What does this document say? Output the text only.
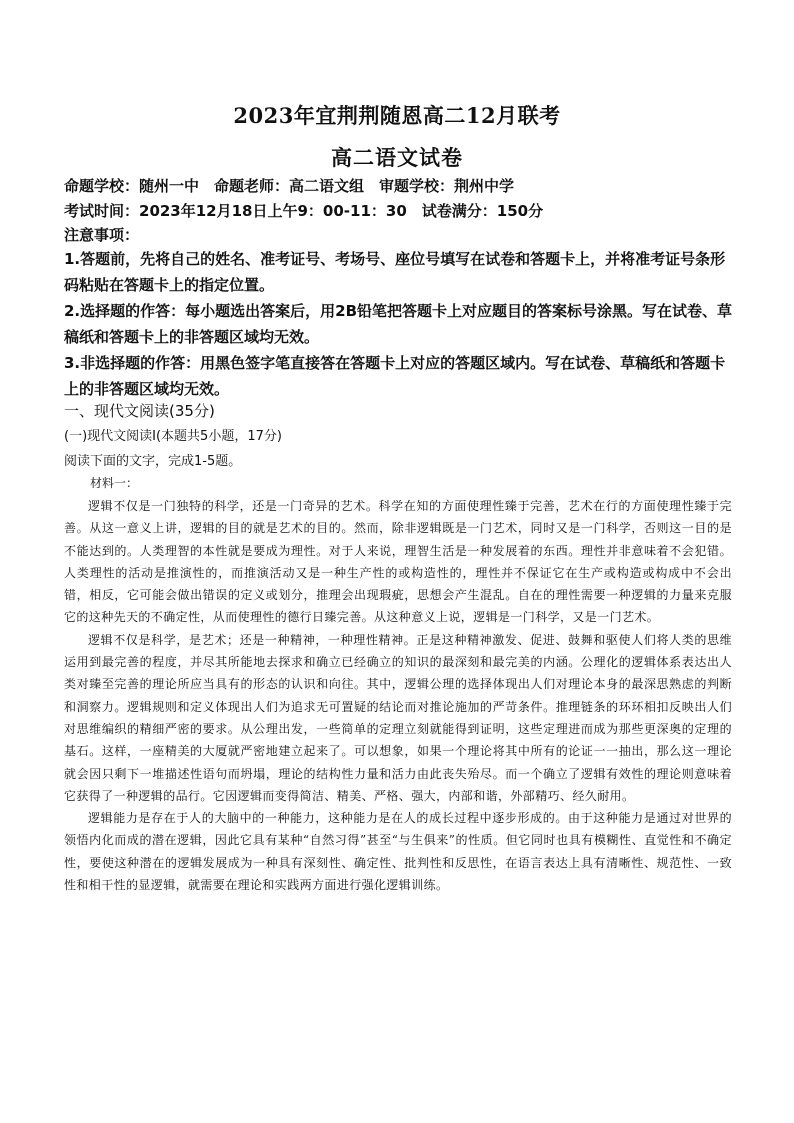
2023年宜荆荆随恩高二12月联考
高二语文试卷
命题学校：随州一中　命题老师：高二语文组　审题学校：荆州中学
考试时间：2023年12月18日上午9：00-11：30　试卷满分：150分
注意事项：

1.答题前，先将自己的姓名、准考证号、考场号、座位号填写在试卷和答题卡上，并将准考证号条形码粘贴在答题卡上的指定位置。

2.选择题的作答：每小题选出答案后，用2B铅笔把答题卡上对应题目的答案标号涂黑。写在试卷、草稿纸和答题卡上的非答题区域均无效。

3.非选择题的作答：用黑色签字笔直接答在答题卡上对应的答题区域内。写在试卷、草稿纸和答题卡上的非答题区域均无效。

一、现代文阅读(35分)
(一)现代文阅读Ⅰ(本题共5小题，17分)
阅读下面的文字，完成1-5题。
材料一：

逻辑不仅是一门独特的科学，还是一门奇异的艺术。科学在知的方面使理性臻于完善，艺术在行的方面使理性臻于完善。从这一意义上讲，逻辑的目的就是艺术的目的。然而，除非逻辑既是一门艺术，同时又是一门科学，否则这一目的是不能达到的。人类理智的本性就是要成为理性。对于人来说，理智生活是一种发展着的东西。理性并非意味着不会犯错。人类理性的活动是推演性的，而推演活动又是一种生产性的或构造性的，理性并不保证它在生产或构造或构成中不会出错，相反，它可能会做出错误的定义或划分，推理会出现瑕疵，思想会产生混乱。自在的理性需要一种逻辑的力量来克服它的这种先天的不确定性，从而使理性的德行日臻完善。从这种意义上说，逻辑是一门科学，又是一门艺术。

逻辑不仅是科学，是艺术；还是一种精神，一种理性精神。正是这种精神激发、促进、鼓舞和驱使人们将人类的思维运用到最完善的程度，并尽其所能地去探求和确立已经确立的知识的最深刻和最完美的内涵。公理化的逻辑体系表达出人类对臻至完善的理论所应当具有的形态的认识和向往。其中，逻辑公理的选择体现出人们对理论本身的最深思熟虑的判断和洞察力。逻辑规则和定义体现出人们为追求无可置疑的结论而对推论施加的严苛条件。推理链条的环环相扣反映出人们对思维编织的精细严密的要求。从公理出发，一些简单的定理立刻就能得到证明，这些定理进而成为那些更深奥的定理的基石。这样，一座精美的大厦就严密地建立起来了。可以想象，如果一个理论将其中所有的论证一一抽出，那么这一理论就会因只剩下一堆描述性语句而坍塌，理论的结构性力量和活力由此丧失殆尽。而一个确立了逻辑有效性的理论则意味着它获得了一种逻辑的品行。它因逻辑而变得简洁、精美、严格、强大，内部和谐，外部精巧、经久耐用。

逻辑能力是存在于人的大脑中的一种能力，这种能力是在人的成长过程中逐步形成的。由于这种能力是通过对世界的领悟内化而成的潜在逻辑，因此它具有某种“自然习得”甚至“与生俱来”的性质。但它同时也具有模糊性、直觉性和不确定性，要使这种潜在的逻辑发展成为一种具有深刻性、确定性、批判性和反思性，在语言表达上具有清晰性、规范性、一致性和相干性的显逻辑，就需要在理论和实践两方面进行强化逻辑训练。
